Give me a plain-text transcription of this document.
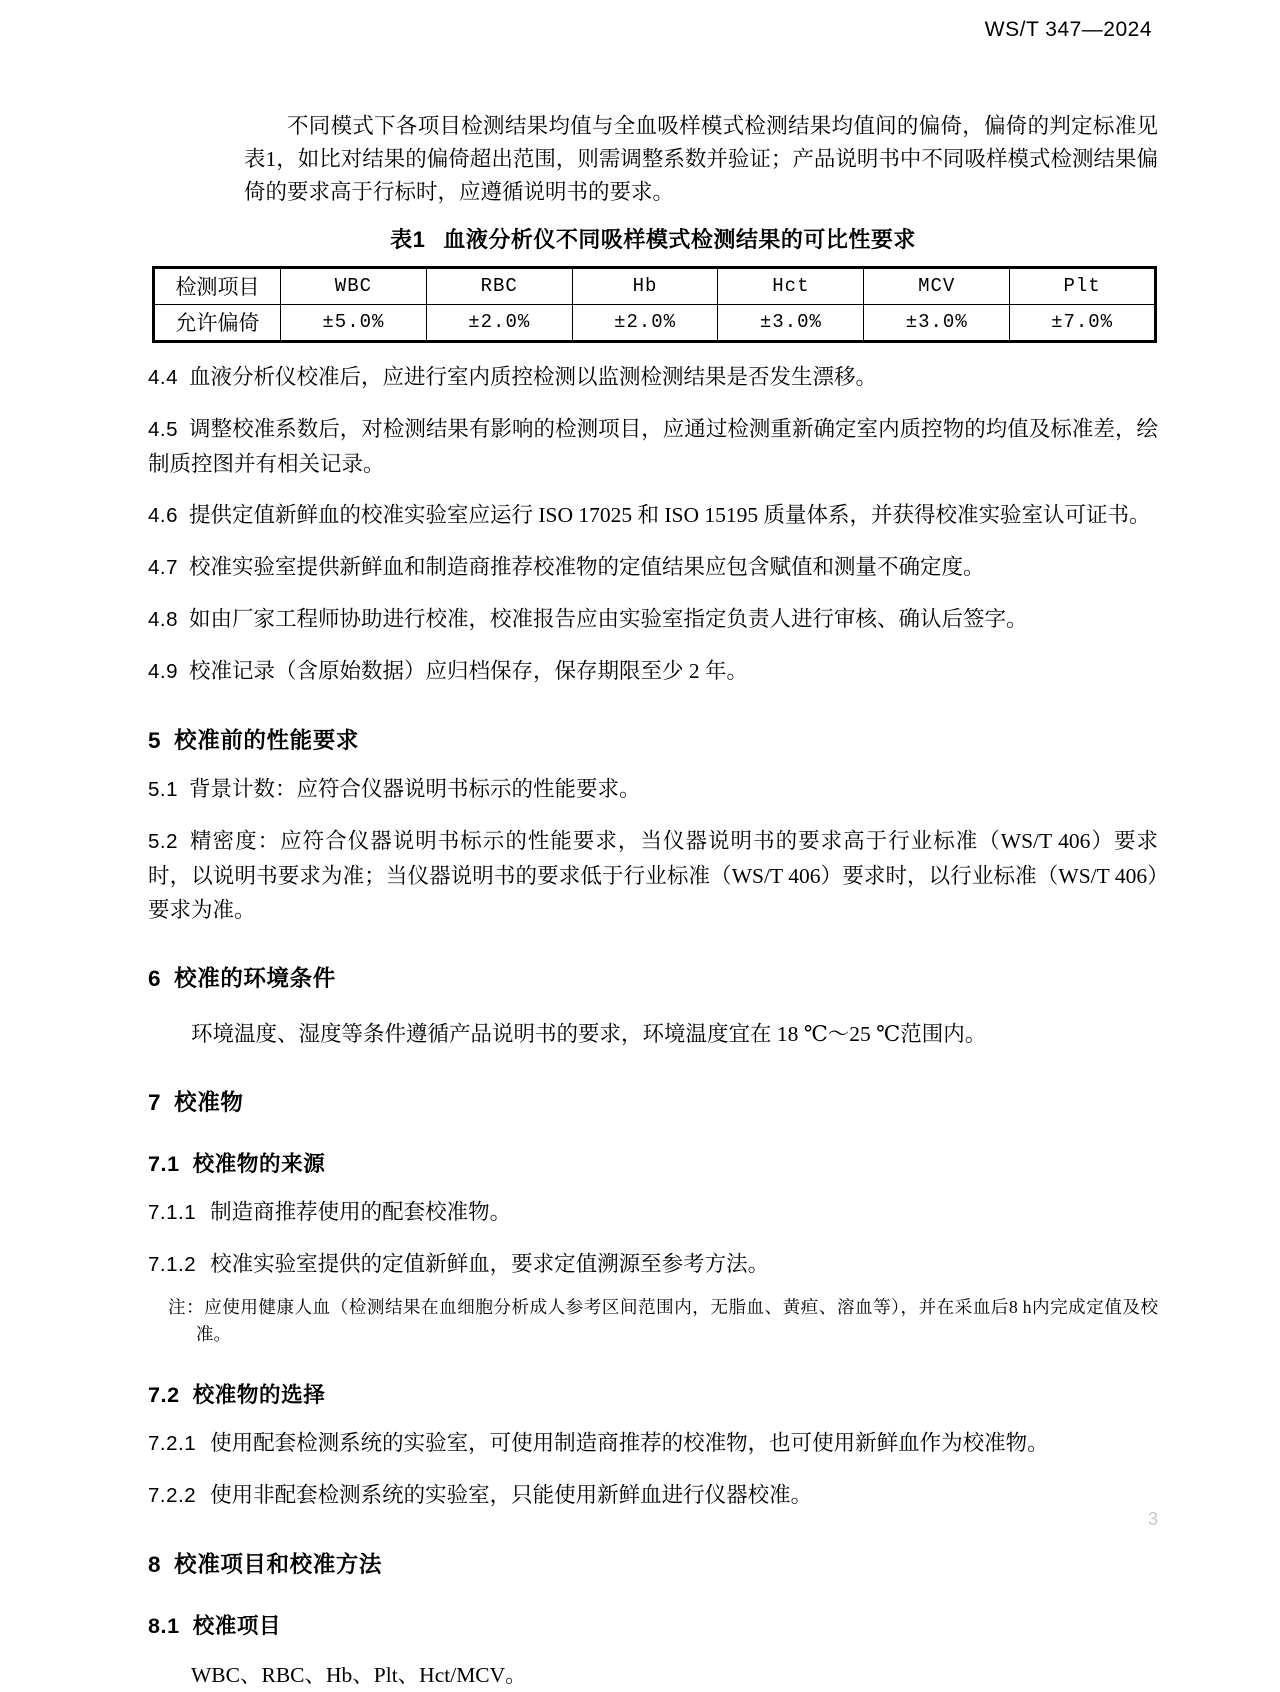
WS/T 347—2024

不同模式下各项目检测结果均值与全血吸样模式检测结果均值间的偏倚，偏倚的判定标准见表1，如比对结果的偏倚超出范围，则需调整系数并验证；产品说明书中不同吸样模式检测结果偏倚的要求高于行标时，应遵循说明书的要求。

表1 血液分析仪不同吸样模式检测结果的可比性要求
检测项目	WBC	RBC	Hb	Hct	MCV	Plt
允许偏倚	±5.0%	±2.0%	±2.0%	±3.0%	±3.0%	±7.0%

4.4 血液分析仪校准后，应进行室内质控检测以监测检测结果是否发生漂移。

4.5 调整校准系数后，对检测结果有影响的检测项目，应通过检测重新确定室内质控物的均值及标准差，绘制质控图并有相关记录。

4.6 提供定值新鲜血的校准实验室应运行 ISO 17025 和 ISO 15195 质量体系，并获得校准实验室认可证书。

4.7 校准实验室提供新鲜血和制造商推荐校准物的定值结果应包含赋值和测量不确定度。

4.8 如由厂家工程师协助进行校准，校准报告应由实验室指定负责人进行审核、确认后签字。

4.9 校准记录（含原始数据）应归档保存，保存期限至少 2 年。

5 校准前的性能要求

5.1 背景计数：应符合仪器说明书标示的性能要求。

5.2 精密度：应符合仪器说明书标示的性能要求，当仪器说明书的要求高于行业标准（WS/T 406）要求时，以说明书要求为准；当仪器说明书的要求低于行业标准（WS/T 406）要求时，以行业标准（WS/T 406）要求为准。

6 校准的环境条件

环境温度、湿度等条件遵循产品说明书的要求，环境温度宜在 18 ℃～25 ℃范围内。

7 校准物
7.1 校准物的来源

7.1.1 制造商推荐使用的配套校准物。

7.1.2 校准实验室提供的定值新鲜血，要求定值溯源至参考方法。

注：应使用健康人血（检测结果在血细胞分析成人参考区间范围内，无脂血、黄疸、溶血等），并在采血后8 h内完成定值及校准。

7.2 校准物的选择

7.2.1 使用配套检测系统的实验室，可使用制造商推荐的校准物，也可使用新鲜血作为校准物。

7.2.2 使用非配套检测系统的实验室，只能使用新鲜血进行仪器校准。

8 校准项目和校准方法
8.1 校准项目

WBC、RBC、Hb、Plt、Hct/MCV。

3
